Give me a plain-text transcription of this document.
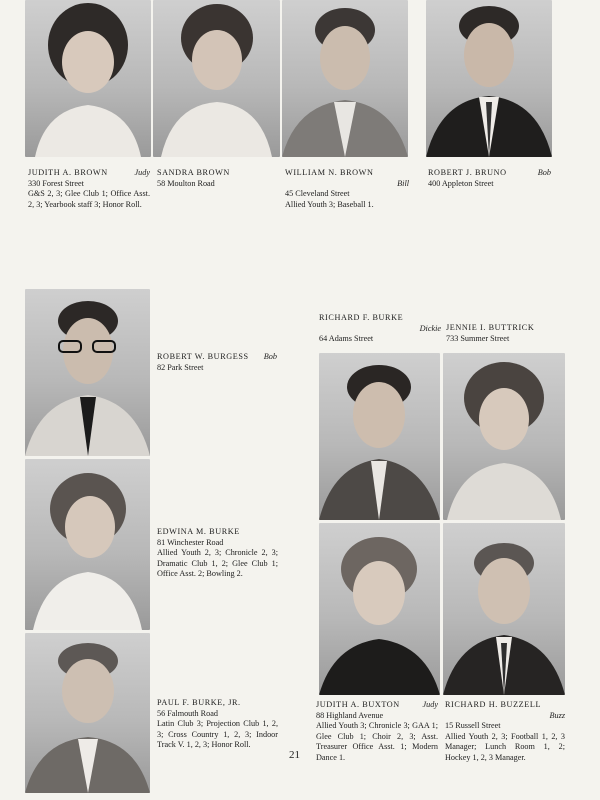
JUDITH A. BROWN	Judy
330 Forest Street
G&S 2, 3; Glee Club 1; Office Asst. 2, 3; Yearbook staff 3; Honor Roll.
SANDRA BROWN
58 Moulton Road
WILLIAM N. BROWN
Bill
45 Cleveland Street
Allied Youth 3; Baseball 1.
ROBERT J. BRUNO	Bob
400 Appleton Street
ROBERT W. BURGESS Bob
82 Park Street
EDWINA M. BURKE
81 Winchester Road
Allied Youth 2, 3; Chronicle 2, 3; Dramatic Club 1, 2; Glee Club 1; Office Asst. 2; Bowling 2.
PAUL F. BURKE, JR.
56 Falmouth Road
Latin Club 3; Projection Club 1, 2, 3; Cross Country 1, 2, 3; Indoor Track V. 1, 2, 3; Honor Roll.
RICHARD F. BURKE
Dickie
64 Adams Street
JENNIE I. BUTTRICK
733 Summer Street
JUDITH A. BUXTON	Judy
88 Highland Avenue
Allied Youth 3; Chronicle 3; GAA 1; Glee Club 1; Choir 2, 3; Asst. Treasurer Office Asst. 1; Modern Dance 1.
RICHARD H. BUZZELL
Buzz
15 Russell Street
Allied Youth 2, 3; Football 1, 2, 3 Manager; Lunch Room 1, 2; Hockey 1, 2, 3 Manager.
21
